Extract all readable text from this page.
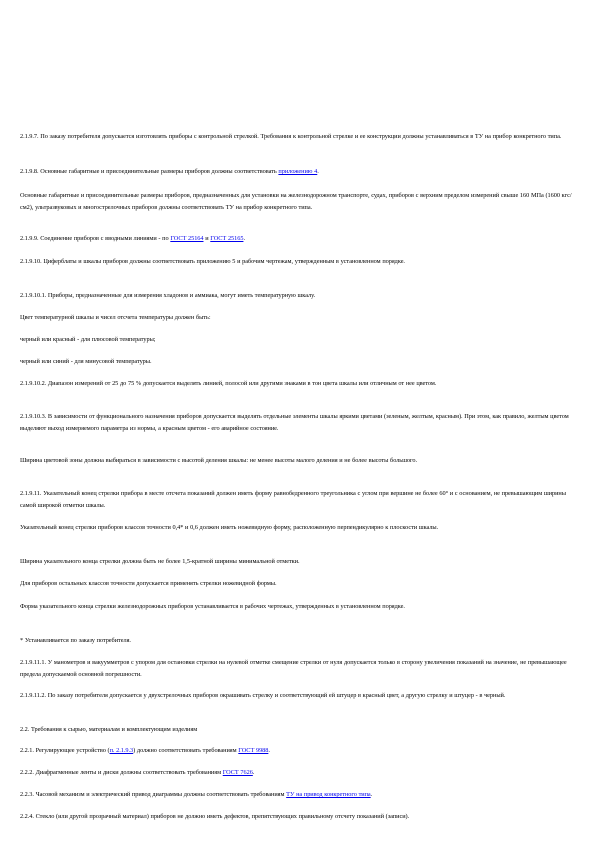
2.1.9.7. По заказу потребителя допускается изготовлять приборы с контрольной стрелкой. Требования к контрольной стрелке и ее конструкции должны устанавливаться в ТУ на прибор конкретного типа.

2.1.9.8. Основные габаритные и присоединительные размеры приборов должны соответствовать приложению 4.

Основные габаритные и присоединительные размеры приборов, предназначенных для установки на железнодорожном транспорте, судах, приборов с верхним пределом измерений свыше 160 МПа (1600 кгс/см2), ультразвуковых и многострелочных приборов должны соответствовать ТУ на прибор конкретного типа.

2.1.9.9. Соединение приборов с вводными линиями - по ГОСТ 25164 и ГОСТ 25165.

2.1.9.10. Циферблаты и шкалы приборов должны соответствовать приложению 5 и рабочим чертежам, утвержденным в установленном порядке.

2.1.9.10.1. Приборы, предназначенные для измерения хладонов и аммиака, могут иметь температурную шкалу.

Цвет температурной шкалы и чисел отсчета температуры должен быть:

черный или красный - для плюсовой температуры;

черный или синий - для минусовой температуры.

2.1.9.10.2. Диапазон измерений от 25 до 75 % допускается выделять линией, полосой или другими знаками в тон цвета шкалы или отличным от нее цветом.

2.1.9.10.3. В зависимости от функционального назначения приборов допускается выделять отдельные элементы шкалы яркими цветами (зеленым, желтым, красным). При этом, как правило, желтым цветом выделяют выход измеряемого параметра из нормы, а красным цветом - его аварийное состояние.

Ширина цветовой зоны должна выбираться в зависимости с высотой деления шкалы: не менее высоты малого деления и не более высоты большого.

2.1.9.11. Указательный конец стрелки прибора в месте отсчета показаний должен иметь форму равнобедренного треугольника с углом при вершине не более 60° и с основанием, не превышающим ширины самой широкой отметки шкалы.

Указательный конец стрелки приборов классов точности 0,4* и 0,6 должен иметь ножевидную форму, расположенную перпендикулярно к плоскости шкалы.

Ширина указательного конца стрелки должна быть не более 1,5-кратной ширины минимальной отметки.

Для приборов остальных классов точности допускается применять стрелки ножевидной формы.

Форма указательного конца стрелки железнодорожных приборов устанавливается в рабочих чертежах, утвержденных в установленном порядке.

* Устанавливается по заказу потребителя.

2.1.9.11.1. У манометров и вакуумметров с упором для остановки стрелки на нулевой отметке смещение стрелки от нуля допускается только в сторону увеличения показаний на значение, не превышающее предела допускаемой основной погрешности.

2.1.9.11.2. По заказу потребителя допускается у двухстрелочных приборов окрашивать стрелку и соответствующий ей штуцер в красный цвет, а другую стрелку и штуцер - в черный.

2.2. Требования к сырью, материалам и комплектующим изделиям

2.2.1. Регулирующее устройство (п. 2.1.9.3) должно соответствовать требованиям ГОСТ 9988.

2.2.2. Диафрагменные ленты и диски должны соответствовать требованиям ГОСТ 7626.

2.2.3. Часовой механизм и электрический привод диаграммы должны соответствовать требованиям ТУ на привод конкретного типа.

2.2.4. Стекло (или другой прозрачный материал) приборов не должно иметь дефектов, препятствующих правильному отсчету показаний (записи).
